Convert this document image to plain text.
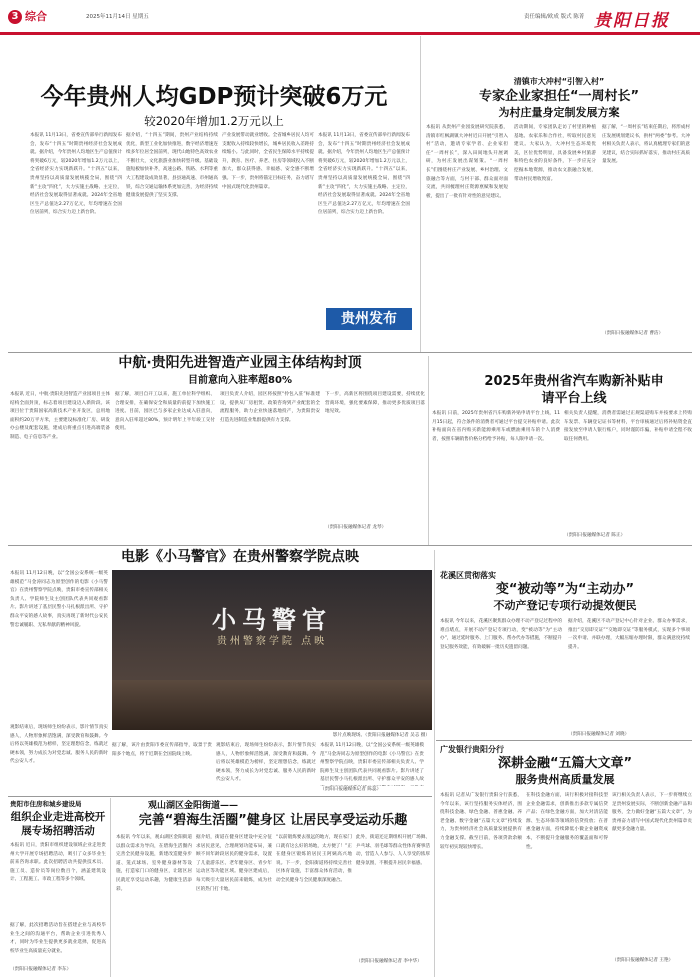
3 综合	2025年11月14日 星期五	责任编辑/欧成 版式 陈菁 贵阳日报
今年贵州人均GDP预计突破6万元
较2020年增加1.2万元以上
本报讯 11月13日，省委宣传部举行新闻发布会，发布“十四五”时期贵州经济社会发展成就。据介绍，今年贵州人均地区生产总值预计将突破6万元，较2020年增加1.2万元以上，全省经济实力实现新跃升。“十四五”以来，贵州坚持以高质量发展统揽全局，围绕“四新”主攻“四化”，大力实施主战略、主定位，经济社会发展取得显著成就。2024年全省地区生产总值达2.27万亿元，年均增速在全国位居前列，综合实力迈上新台阶。
据介绍，“十四五”期间，贵州产业结构持续优化，新型工业化加快推进，数字经济增速连续多年位居全国前列，现代山地特色高效农业不断壮大，文化旅游业加快转型升级。基础设施短板加快补齐，高速公路、铁路、水利等重大工程建设成效显著，县县通高速、市州通高铁，综合交通运输体系更加完善，为经济持续健康发展提供了坚实支撑。
产业发展带动就业增收。全省城乡居民人均可支配收入持续较快增长，城乡居民收入差距持续缩小。与此同时，全省民生保障水平持续提升，教育、医疗、养老、住房等领域投入不断加大，群众获得感、幸福感、安全感不断增强。下一步，贵州将锚定目标任务，奋力谱写中国式现代化贵州篇章。
本报讯 11月13日，省委宣传部举行新闻发布会，发布“十四五”时期贵州经济社会发展成就。据介绍，今年贵州人均地区生产总值预计将突破6万元，较2020年增加1.2万元以上，全省经济实力实现新跃升。“十四五”以来，贵州坚持以高质量发展统揽全局，围绕“四新”主攻“四化”，大力实施主战略、主定位，经济社会发展取得显著成就。2024年全省地区生产总值达2.27万亿元，年均增速在全国位居前列，综合实力迈上新台阶。
清镇市大冲村“引智入村”
专家企业家担任“一周村长”
为村庄量身定制发展方案
本报讯 从贵州产业园发展研究院获悉，清镇市红枫湖镇大冲村近日开展“引智入村”活动，邀请专家学者、企业家担任“一周村长”，深入田间地头开展调研，为村庄发展出谋划策。“一周村长”们围绕村庄产业发展、乡村治理、文旅融合等方面，与村干部、群众面对面交流，共同梳理村庄资源禀赋和发展短板，提出了一批有针对性的意见建议。
活动期间，专家团队走访了村里的种植基地、农家乐和合作社，听取村民意见建议。大家认为，大冲村生态环境优美，区位优势明显，具备发展乡村旅游和特色农业的良好条件，下一步应充分挖掘本地资源，推动农文旅融合发展，带动村民增收致富。
据了解，“一周村长”结束任期后，将形成村庄发展规划建议书，供村“两委”参考。大冲村相关负责人表示，将认真梳理专家们的意见建议，结合实际抓好落实，推动村庄高质量发展。
（贵阳日报融媒体记者 曹洁）
贵州发布
中航·贵阳先进智造产业园主体结构封顶
目前意向入驻率超80%
本报讯 近日，中航·贵阳先进智造产业园项目主体结构全面封顶，标志着项目建设迈入新阶段。该项目位于贵阳国家高新技术产业开发区，总用地面积约20万平方米，主要建设标准化厂房、研发办公楼及配套设施，建成后将重点引进高端装备制造、电子信息等产业。
据了解，项目自开工以来，施工单位科学组织、合理安排，在确保安全和质量的前提下加快施工进度。目前，园区已与多家企业达成入驻意向，意向入驻率超过80%，预计明年上半年竣工交付使用。
项目负责人介绍，园区将按照“拎包入驻”标准建设，提供从厂房租赁、政策咨询到产业配套的全流程服务，助力企业快速落地投产，为贵阳贵安打造先进制造业集群提供有力支撑。
下一步，高新区将围绕项目建设需要，持续优化营商环境，强化要素保障，推动更多优质项目落地见效。
（贵阳日报融媒体记者 龙琴）
2025年贵州省汽车购新补贴申请平台上线
本报讯 日前，2025年贵州省汽车购新补贴申请平台上线，11月15日起，符合条件的消费者可通过平台提交补贴申请。此次补贴面向在省内购买新能源乘用车或燃油乘用车的个人消费者，按照车辆销售价格分档给予补贴，每人限申请一次。
相关负责人提醒，消费者需通过正规渠道购车并按要求上传购车发票、车辆登记证书等材料，平台审核通过后将补贴资金直接发放至申请人银行账户，同时谨防诈骗，补贴申请全程不收取任何费用。
（贵阳日报融媒体记者 陈正）
电影《小马警官》在贵州警察学院点映
本报讯 11月12日晚，以“全国公安系统一级英雄模范”马金涛同志为原型创作的电影《小马警官》在贵州警察学院点映，贵阳市委宣传部相关负责人、学院师生及主创团队代表共同观看影片。影片讲述了基层民警小马扎根派出所、守护群众平安的感人故事，真实再现了新时代公安民警忠诚履职、无私奉献的精神风貌。
观影结束后，现场师生纷纷表示，影片情节真实感人，人物形象鲜活饱满，深受教育和鼓舞。今后将以英雄模范为榜样，坚定理想信念，练就过硬本领，努力成长为对党忠诚、服务人民的新时代公安人才。
小马警官
贵州警察学院 点映
影片点映现场。（贵阳日报融媒体记者 吴志 摄）
据了解，该片由贵阳市委宣传部指导，取景于贵阳多个地点，将于近期在全国院线上映。
观影结束后，现场师生纷纷表示，影片情节真实感人，人物形象鲜活饱满，深受教育和鼓舞。今后将以英雄模范为榜样，坚定理想信念，练就过硬本领，努力成长为对党忠诚、服务人民的新时代公安人才。
本报讯 11月12日晚，以“全国公安系统一级英雄模范”马金涛同志为原型创作的电影《小马警官》在贵州警察学院点映，贵阳市委宣传部相关负责人、学院师生及主创团队代表共同观看影片。影片讲述了基层民警小马扎根派出所、守护群众平安的感人故
（贵阳日报融媒体记者 陈蕊）
花溪区贯彻落实
变“被动等”为“主动办”
不动产登记专项行动提效便民
本报讯 今年以来，花溪区聚焦群众办理不动产登记过程中的难点堵点，开展不动产登记专项行动，变“被动等”为“主动办”，通过延时服务、上门服务、帮办代办等措施，不断提升登记服务效能，有效破解一批历史遗留问题。
据介绍，花溪区不动产登记中心针对企业、群众办事需求，推出“交房即交证”“交地即交证”等服务模式，实现多个事项一次申请、并联办理，大幅压缩办理时限，群众满意度持续提升。
（贵阳日报融媒体记者 刘晓）
广发银行贵阳分行
深耕金融“五篇大文章”
服务贵州高质量发展
本报讯 记者从广发银行贵阳分行获悉，今年以来，该行坚持服务实体经济，围绕科技金融、绿色金融、普惠金融、养老金融、数字金融“五篇大文章”持续发力，为贵州经济社会高质量发展提供有力金融支撑。截至目前，各项贷款余额较年初实现较快增长。
在科技金融方面，该行积极对接科技型企业金融需求，创新推出多款专属信贷产品；在绿色金融方面，加大对清洁能源、生态环保等领域的信贷投放；在普惠金融方面，持续降低小微企业融资成本，不断提升金融服务的覆盖面和可得性。
该行相关负责人表示，下一步将继续立足贵州发展实际，不断创新金融产品和服务，全力做好金融“五篇大文章”，为贵州奋力谱写中国式现代化贵州篇章贡献更多金融力量。
（贵阳日报融媒体记者 王艳）
贵阳市住房和城乡建设局
组织企业走进高校开展专场招聘活动
本报讯 近日，贵阳市组织建设领域企业走进贵州大学开展专场招聘活动，吸引了众多毕业生前来咨询求职。此次招聘活动共提供技术员、施工员、造价员等岗位数百个，涵盖建筑设计、工程施工、市政工程等多个领域。
据了解，此次招聘活动旨在搭建企业与高校毕业生之间的沟通平台，帮助企业引进优秀人才，同时为毕业生提供更多就业选择，促进高校毕业生高质量充分就业。
（贵阳日报融媒体记者 李东）
观山湖区金阳街道——
完善“碧海生活圈”健身区 让居民享受运动乐趣
本报讯 今年以来，观山湖区金阳街道以群众需求为导向，在碧海生活圈内完善全民健身设施，新建改造健身步道、笼式球场、室外健身器材等设施，打造家门口的健身区，让辖区居民就近享受运动乐趣，为健康生活添彩。
据介绍，街道在健身区建设中充分征求居民意见，合理规划功能布局，兼顾不同年龄段居民的健身需求，设置了儿童游乐区、老年健身区、青少年运动区等功能区域。健身区建成后，每天吸引大量居民前来锻炼，成为社区的热门打卡地。
“以前锻炼要去很远的地方，现在家门口就有这么好的场地，太方便了！”正在健身区锻炼的居民王阿姨高兴地说。下一步，金阳街道将持续完善社区体育设施，丰富群众体育活动，推动全民健身与全民健康深度融合。
此外，街道还定期组织开展广场舞、乒乓球、羽毛球等群众性体育赛事活动，营造人人参与、人人享受的浓厚健身氛围，不断提升居民幸福感。
（贵阳日报融媒体记者 李中华）
